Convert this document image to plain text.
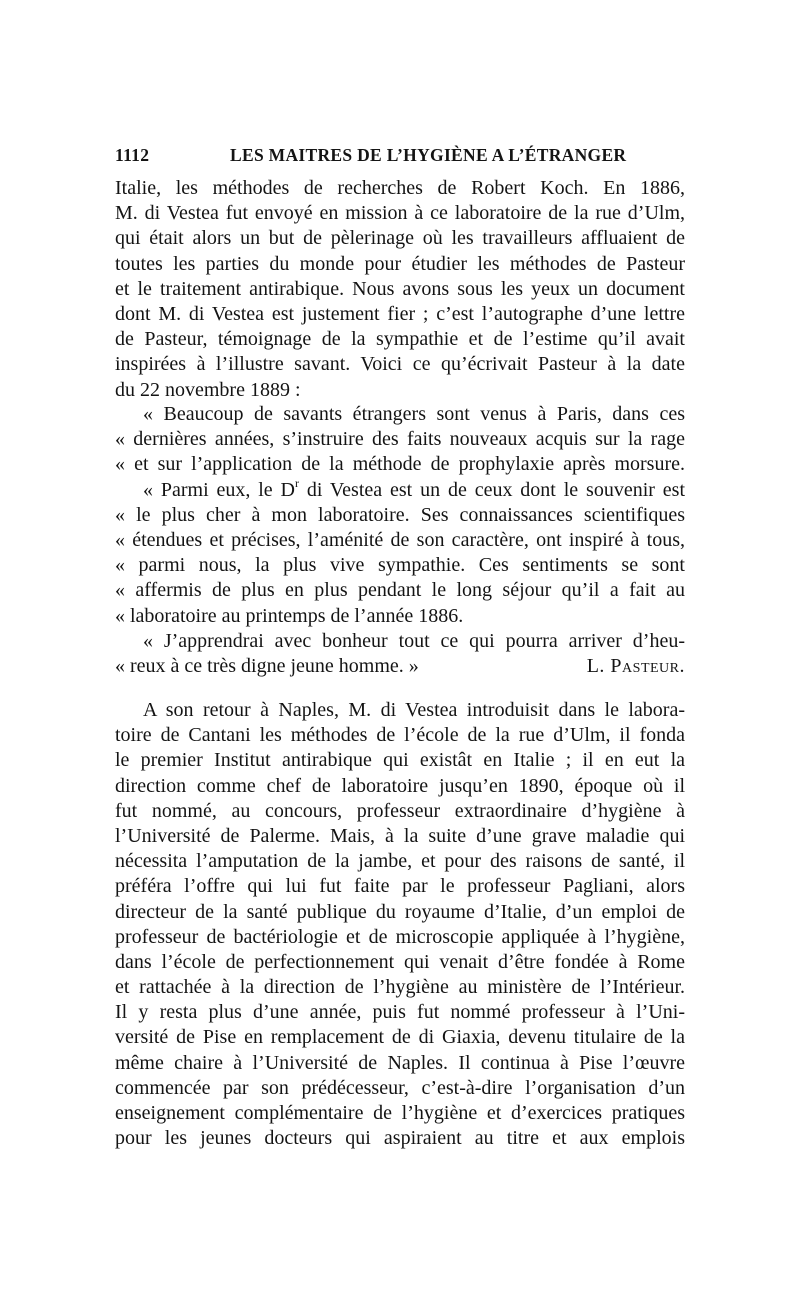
1112	LES MAITRES DE L’HYGIÈNE A L’ÉTRANGER
Italie, les méthodes de recherches de Robert Koch. En 1886,
M. di Vestea fut envoyé en mission à ce laboratoire de la rue d’Ulm,
qui était alors un but de pèlerinage où les travailleurs affluaient de
toutes les parties du monde pour étudier les méthodes de Pasteur
et le traitement antirabique. Nous avons sous les yeux un document
dont M. di Vestea est justement fier ; c’est l’autographe d’une lettre
de Pasteur, témoignage de la sympathie et de l’estime qu’il avait
inspirées à l’illustre savant. Voici ce qu’écrivait Pasteur à la date
du 22 novembre 1889 :
« Beaucoup de savants étrangers sont venus à Paris, dans ces
« dernières années, s’instruire des faits nouveaux acquis sur la rage
« et sur l’application de la méthode de prophylaxie après morsure.
« Parmi eux, le $D^r$ di Vestea est un de ceux dont le souvenir est
« le plus cher à mon laboratoire. Ses connaissances scientifiques
« étendues et précises, l’aménité de son caractère, ont inspiré à tous,
« parmi nous, la plus vive sympathie. Ces sentiments se sont
« affermis de plus en plus pendant le long séjour qu’il a fait au
« laboratoire au printemps de l’année 1886.
« J’apprendrai avec bonheur tout ce qui pourra arriver d’heu-
« reux à ce très digne jeune homme. »	L. Pasteur.
A son retour à Naples, M. di Vestea introduisit dans le labora-
toire de Cantani les méthodes de l’école de la rue d’Ulm, il fonda
le premier Institut antirabique qui existât en Italie ; il en eut la
direction comme chef de laboratoire jusqu’en 1890, époque où il
fut nommé, au concours, professeur extraordinaire d’hygiène à
l’Université de Palerme. Mais, à la suite d’une grave maladie qui
nécessita l’amputation de la jambe, et pour des raisons de santé, il
préféra l’offre qui lui fut faite par le professeur Pagliani, alors
directeur de la santé publique du royaume d’Italie, d’un emploi de
professeur de bactériologie et de microscopie appliquée à l’hygiène,
dans l’école de perfectionnement qui venait d’être fondée à Rome
et rattachée à la direction de l’hygiène au ministère de l’Intérieur.
Il y resta plus d’une année, puis fut nommé professeur à l’Uni-
versité de Pise en remplacement de di Giaxia, devenu titulaire de la
même chaire à l’Université de Naples. Il continua à Pise l’œuvre
commencée par son prédécesseur, c’est-à-dire l’organisation d’un
enseignement complémentaire de l’hygiène et d’exercices pratiques
pour les jeunes docteurs qui aspiraient au titre et aux emplois
